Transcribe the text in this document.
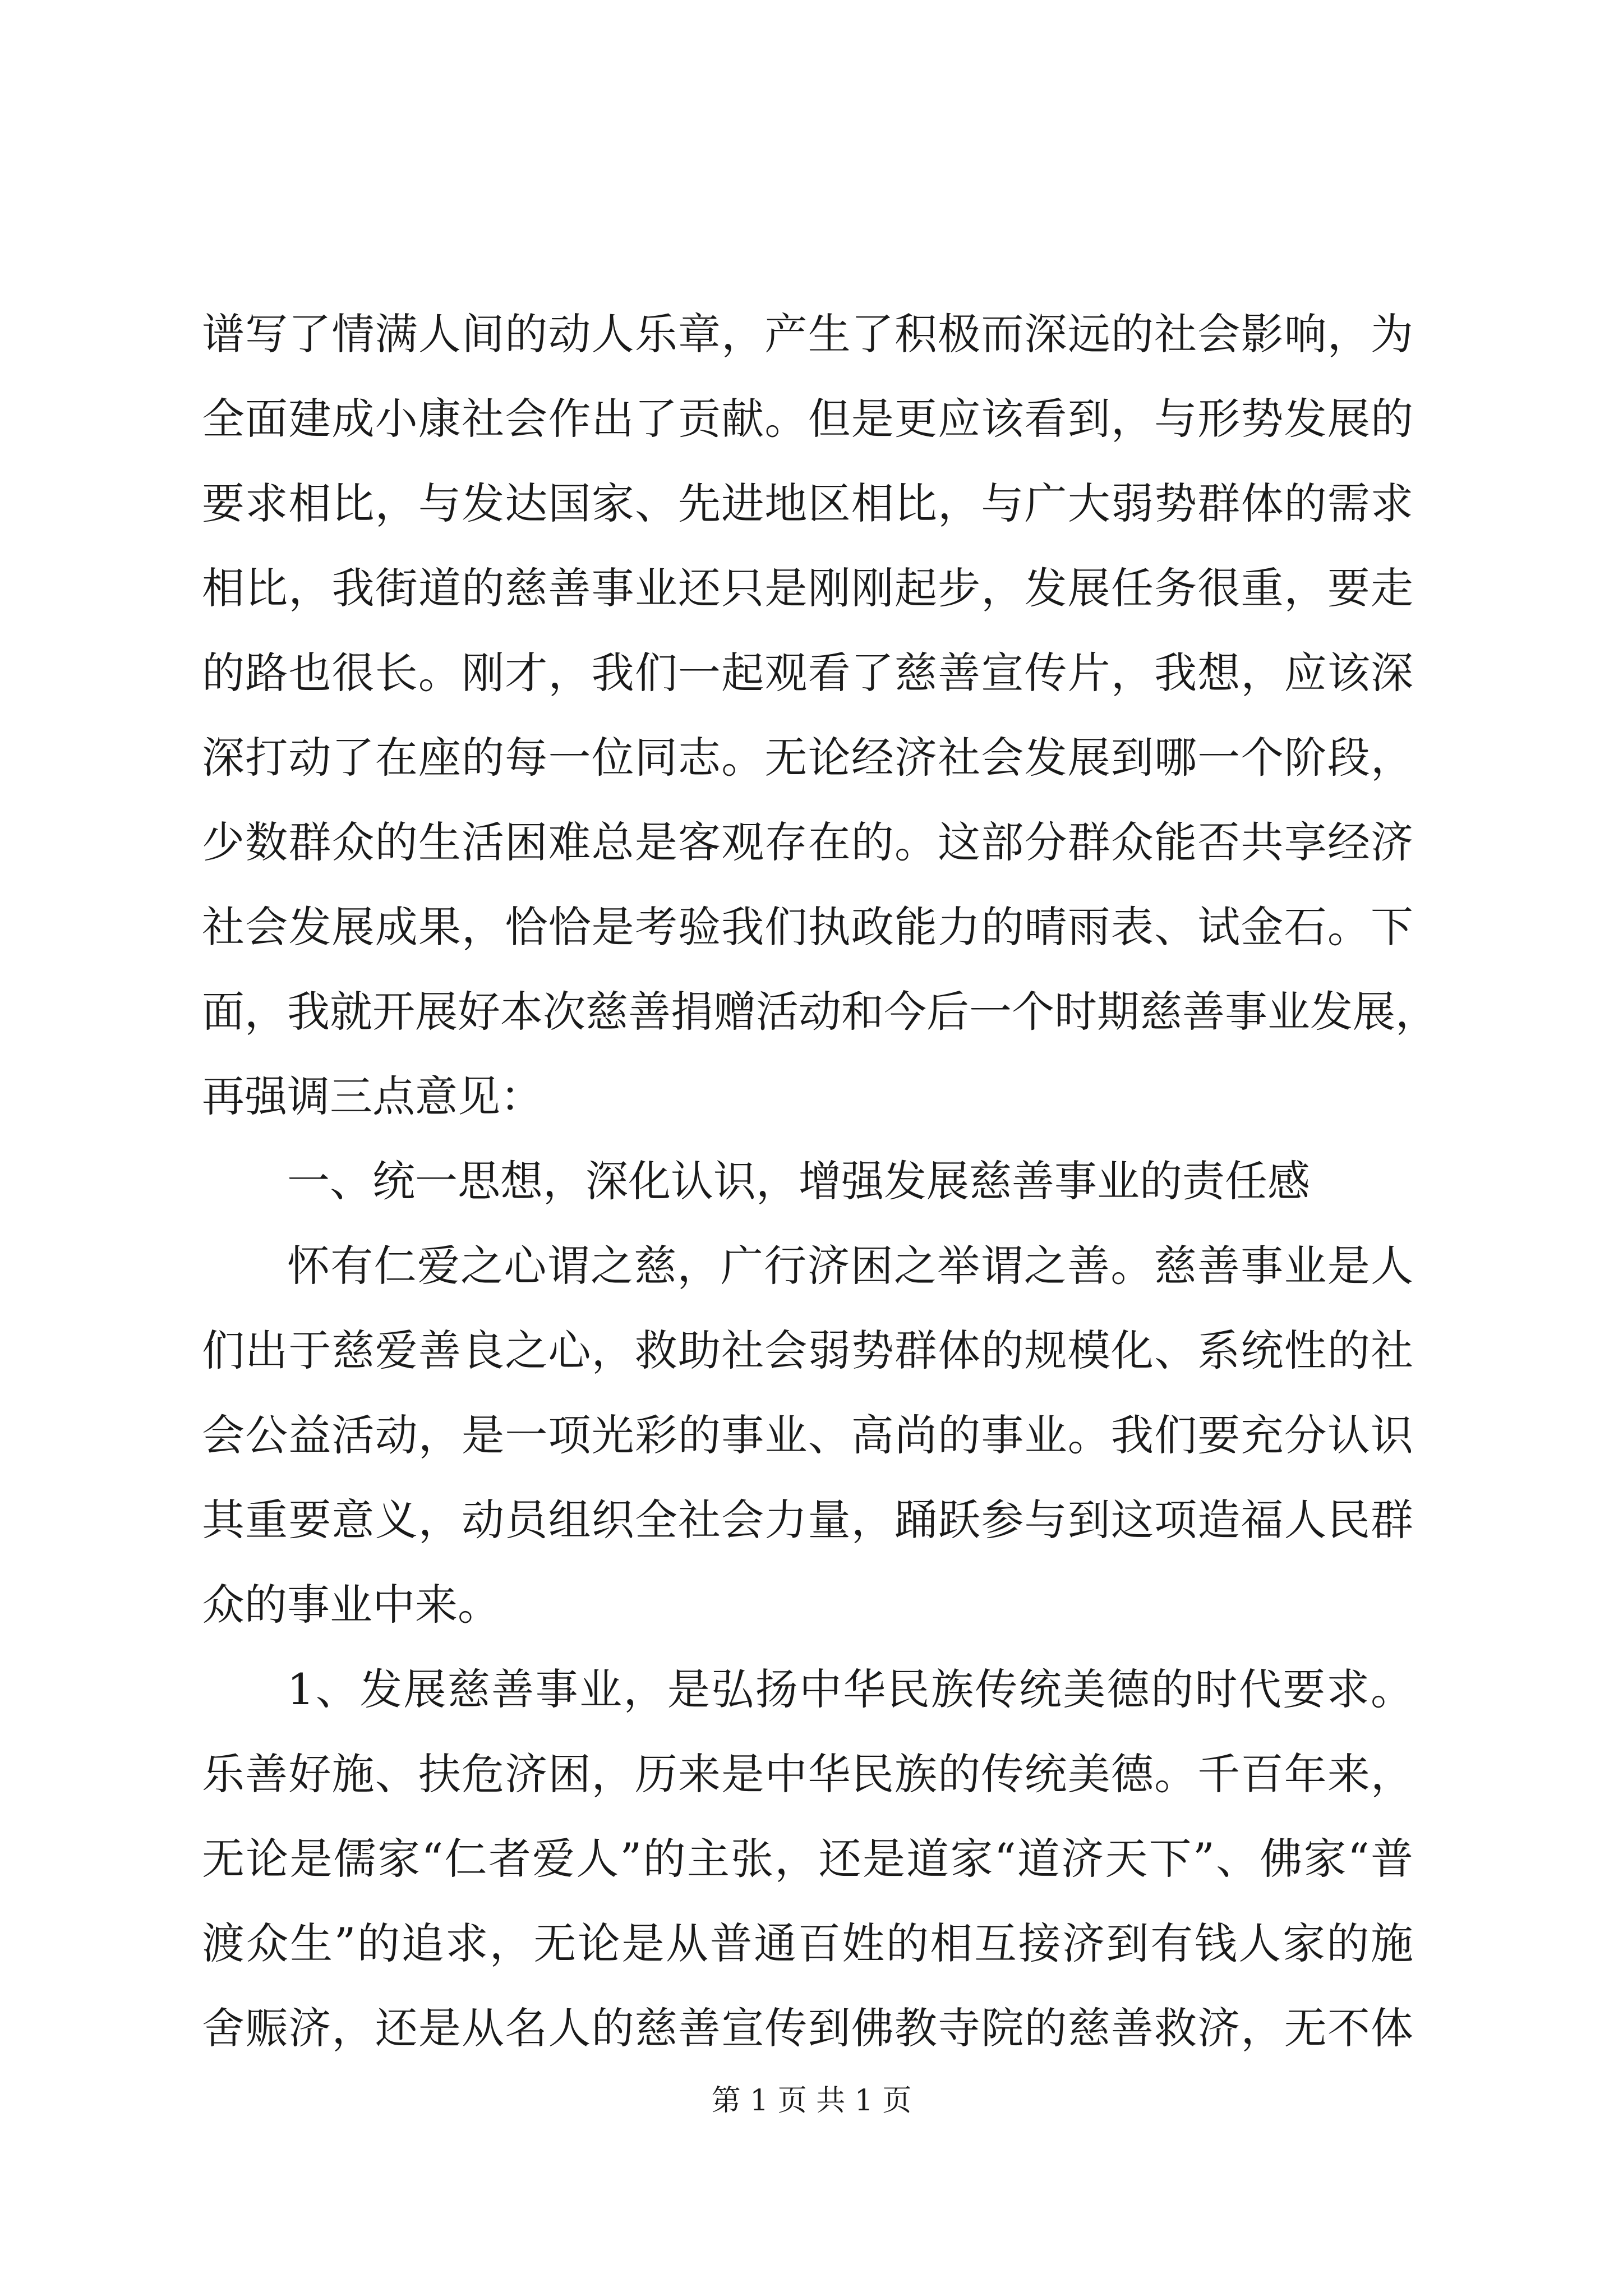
谱写了情满人间的动人乐章，产生了积极而深远的社会影响，为
全面建成小康社会作出了贡献。但是更应该看到，与形势发展的
要求相比，与发达国家、先进地区相比，与广大弱势群体的需求
相比，我街道的慈善事业还只是刚刚起步，发展任务很重，要走
的路也很长。刚才，我们一起观看了慈善宣传片，我想，应该深
深打动了在座的每一位同志。无论经济社会发展到哪一个阶段，
少数群众的生活困难总是客观存在的。这部分群众能否共享经济
社会发展成果，恰恰是考验我们执政能力的晴雨表、试金石。下
面，我就开展好本次慈善捐赠活动和今后一个时期慈善事业发展，
再强调三点意见：
一、统一思想，深化认识，增强发展慈善事业的责任感
怀有仁爱之心谓之慈，广行济困之举谓之善。慈善事业是人
们出于慈爱善良之心，救助社会弱势群体的规模化、系统性的社
会公益活动，是一项光彩的事业、高尚的事业。我们要充分认识
其重要意义，动员组织全社会力量，踊跃参与到这项造福人民群
众的事业中来。
1、发展慈善事业，是弘扬中华民族传统美德的时代要求。
乐善好施、扶危济困，历来是中华民族的传统美德。千百年来，
无论是儒家“仁者爱人”的主张，还是道家“道济天下”、佛家“普
渡众生”的追求，无论是从普通百姓的相互接济到有钱人家的施
舍赈济，还是从名人的慈善宣传到佛教寺院的慈善救济，无不体
第 1 页 共 1 页
